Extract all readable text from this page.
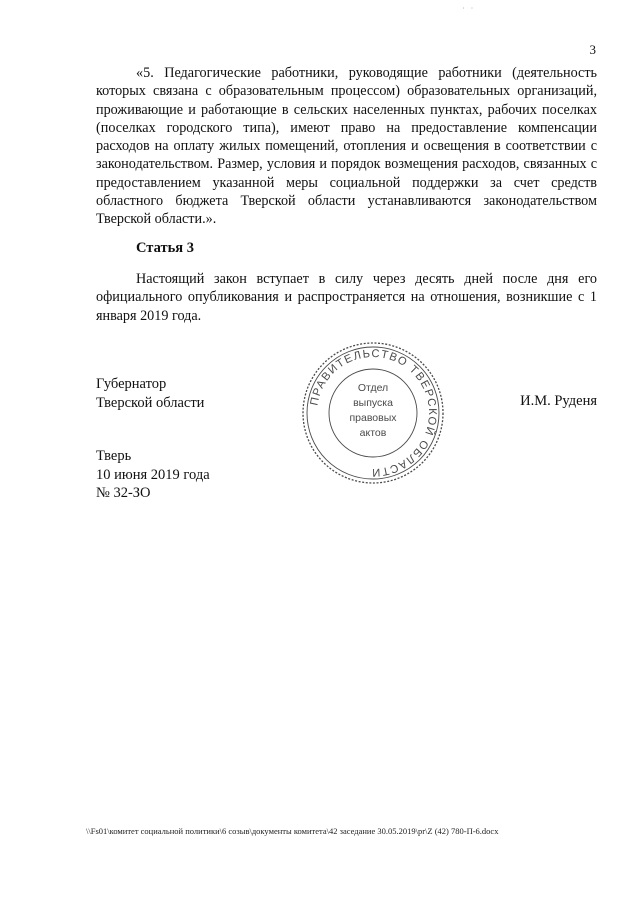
· ·
3

«5. Педагогические работники, руководящие работники (деятельность которых связана с образовательным процессом) образовательных организаций, проживающие и работающие в сельских населенных пунктах, рабочих поселках (поселках городского типа), имеют право на предоставление компенсации расходов на оплату жилых помещений, отопления и освещения в соответствии с законодательством. Размер, условия и порядок возмещения расходов, связанных с предоставлением указанной меры социальной поддержки за счет средств областного бюджета Тверской области устанавливаются законодательством Тверской области.».

Статья 3

Настоящий закон вступает в силу через десять дней после дня его официального опубликования и распространяется на отношения, возникшие с 1 января 2019 года.

Губернатор
Тверской области	И.М. Руденя
ПРАВИТЕЛЬСТВО ТВЕРСКОЙ ОБЛАСТИ
Отдел
выпуска
правовых
актов
Тверь
10 июня 2019 года
№ 32-ЗО
\\Fs01\комитет социальной политики\6 созыв\документы комитета\42 заседание 30.05.2019\pr\Z (42) 780-П-6.docx
